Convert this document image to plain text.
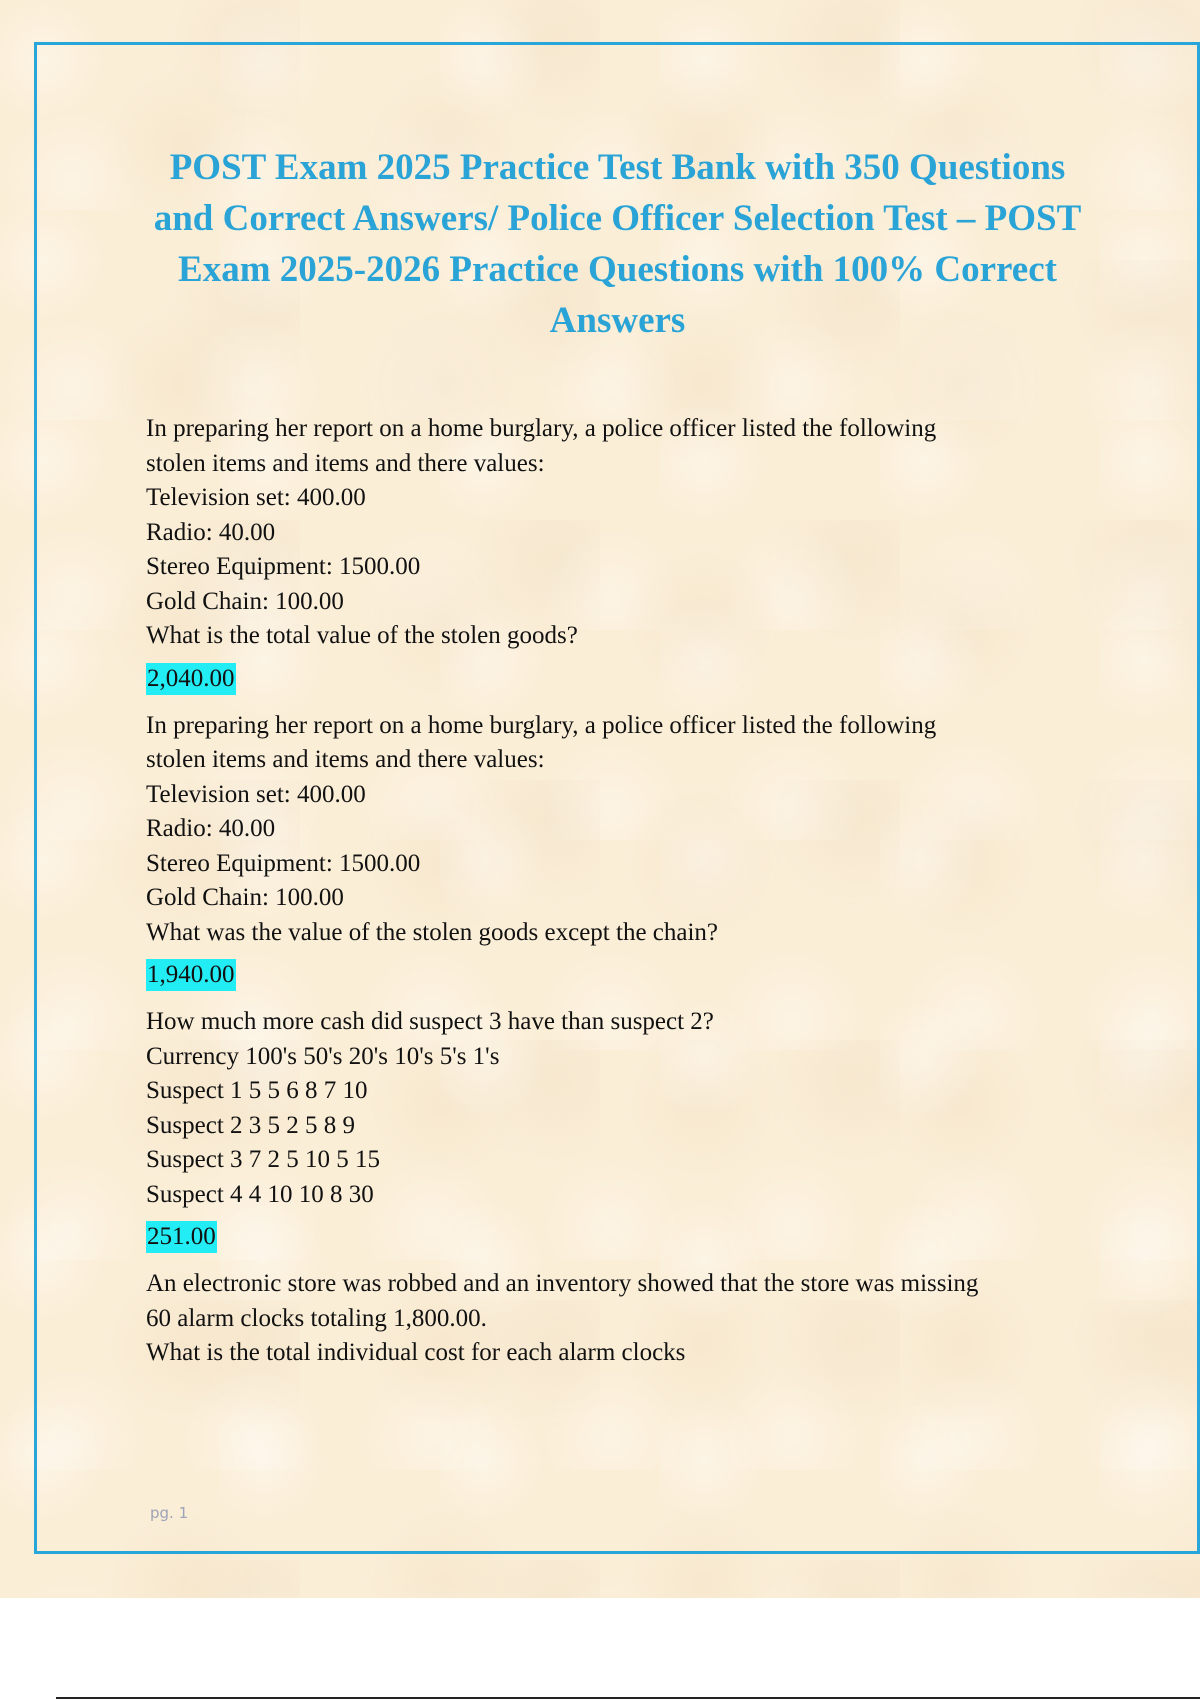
POST Exam 2025 Practice Test Bank with 350 Questions and Correct Answers/ Police Officer Selection Test – POST Exam 2025-2026 Practice Questions with 100% Correct Answers
In preparing her report on a home burglary, a police officer listed the following
stolen items and items and there values:
Television set: 400.00
Radio: 40.00
Stereo Equipment: 1500.00
Gold Chain: 100.00
What is the total value of the stolen goods?
2,040.00
In preparing her report on a home burglary, a police officer listed the following
stolen items and items and there values:
Television set: 400.00
Radio: 40.00
Stereo Equipment: 1500.00
Gold Chain: 100.00
What was the value of the stolen goods except the chain?
1,940.00
How much more cash did suspect 3 have than suspect 2?
Currency 100's 50's 20's 10's 5's 1's
Suspect 1 5 5 6 8 7 10
Suspect 2 3 5 2 5 8 9
Suspect 3 7 2 5 10 5 15
Suspect 4 4 10 10 8 30
251.00
An electronic store was robbed and an inventory showed that the store was missing
60 alarm clocks totaling 1,800.00.
What is the total individual cost for each alarm clocks
pg. 1
